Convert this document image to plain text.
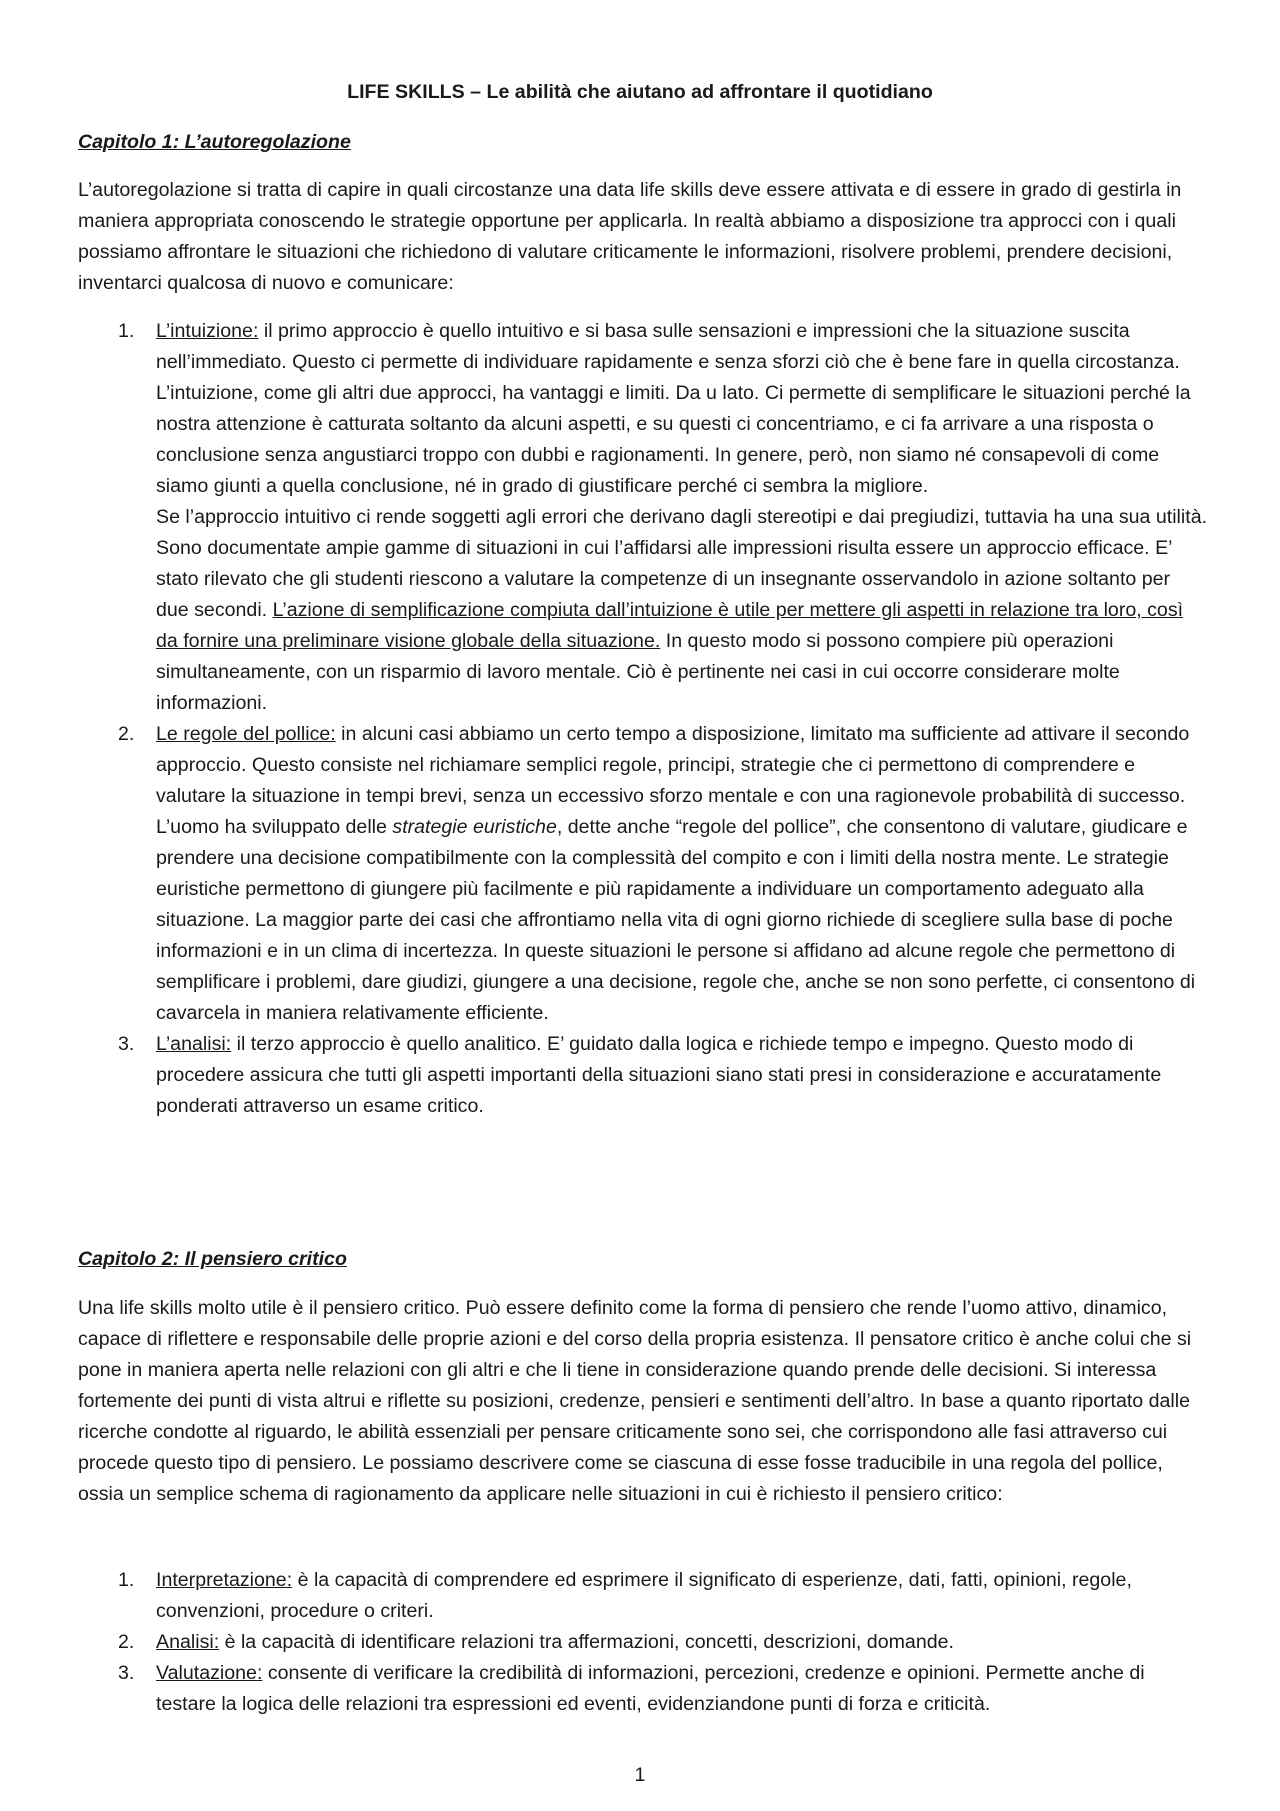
LIFE SKILLS – Le abilità che aiutano ad affrontare il quotidiano
Capitolo 1: L’autoregolazione

L’autoregolazione si tratta di capire in quali circostanze una data life skills deve essere attivata e di essere in grado di gestirla in maniera appropriata conoscendo le strategie opportune per applicarla. In realtà abbiamo a disposizione tra approcci con i quali possiamo affrontare le situazioni che richiedono di valutare criticamente le informazioni, risolvere problemi, prendere decisioni, inventarci qualcosa di nuovo e comunicare:

1. L’intuizione: il primo approccio è quello intuitivo e si basa sulle sensazioni e impressioni che la situazione suscita nell’immediato. Questo ci permette di individuare rapidamente e senza sforzi ciò che è bene fare in quella circostanza. L’intuizione, come gli altri due approcci, ha vantaggi e limiti. Da u lato. Ci permette di semplificare le situazioni perché la nostra attenzione è catturata soltanto da alcuni aspetti, e su questi ci concentriamo, e ci fa arrivare a una risposta o conclusione senza angustiarci troppo con dubbi e ragionamenti. In genere, però, non siamo né consapevoli di come siamo giunti a quella conclusione, né in grado di giustificare perché ci sembra la migliore.
Se l’approccio intuitivo ci rende soggetti agli errori che derivano dagli stereotipi e dai pregiudizi, tuttavia ha una sua utilità. Sono documentate ampie gamme di situazioni in cui l’affidarsi alle impressioni risulta essere un approccio efficace. E’ stato rilevato che gli studenti riescono a valutare la competenze di un insegnante osservandolo in azione soltanto per due secondi. L’azione di semplificazione compiuta dall’intuizione è utile per mettere gli aspetti in relazione tra loro, così da fornire una preliminare visione globale della situazione. In questo modo si possono compiere più operazioni simultaneamente, con un risparmio di lavoro mentale. Ciò è pertinente nei casi in cui occorre considerare molte informazioni.
2. Le regole del pollice: in alcuni casi abbiamo un certo tempo a disposizione, limitato ma sufficiente ad attivare il secondo approccio. Questo consiste nel richiamare semplici regole, principi, strategie che ci permettono di comprendere e valutare la situazione in tempi brevi, senza un eccessivo sforzo mentale e con una ragionevole probabilità di successo.
L’uomo ha sviluppato delle strategie euristiche, dette anche “regole del pollice”, che consentono di valutare, giudicare e prendere una decisione compatibilmente con la complessità del compito e con i limiti della nostra mente. Le strategie euristiche permettono di giungere più facilmente e più rapidamente a individuare un comportamento adeguato alla situazione. La maggior parte dei casi che affrontiamo nella vita di ogni giorno richiede di scegliere sulla base di poche informazioni e in un clima di incertezza. In queste situazioni le persone si affidano ad alcune regole che permettono di semplificare i problemi, dare giudizi, giungere a una decisione, regole che, anche se non sono perfette, ci consentono di cavarcela in maniera relativamente efficiente.
3. L’analisi: il terzo approccio è quello analitico. E’ guidato dalla logica e richiede tempo e impegno. Questo modo di procedere assicura che tutti gli aspetti importanti della situazioni siano stati presi in considerazione e accuratamente ponderati attraverso un esame critico.
Capitolo 2: Il pensiero critico

Una life skills molto utile è il pensiero critico. Può essere definito come la forma di pensiero che rende l’uomo attivo, dinamico, capace di riflettere e responsabile delle proprie azioni e del corso della propria esistenza. Il pensatore critico è anche colui che si pone in maniera aperta nelle relazioni con gli altri e che li tiene in considerazione quando prende delle decisioni. Si interessa fortemente dei punti di vista altrui e riflette su posizioni, credenze, pensieri e sentimenti dell’altro. In base a quanto riportato dalle ricerche condotte al riguardo, le abilità essenziali per pensare criticamente sono sei, che corrispondono alle fasi attraverso cui procede questo tipo di pensiero. Le possiamo descrivere come se ciascuna di esse fosse traducibile in una regola del pollice, ossia un semplice schema di ragionamento da applicare nelle situazioni in cui è richiesto il pensiero critico:

1. Interpretazione: è la capacità di comprendere ed esprimere il significato di esperienze, dati, fatti, opinioni, regole, convenzioni, procedure o criteri.
2. Analisi: è la capacità di identificare relazioni tra affermazioni, concetti, descrizioni, domande.
3. Valutazione: consente di verificare la credibilità di informazioni, percezioni, credenze e opinioni. Permette anche di testare la logica delle relazioni tra espressioni ed eventi, evidenziandone punti di forza e criticità.
1
